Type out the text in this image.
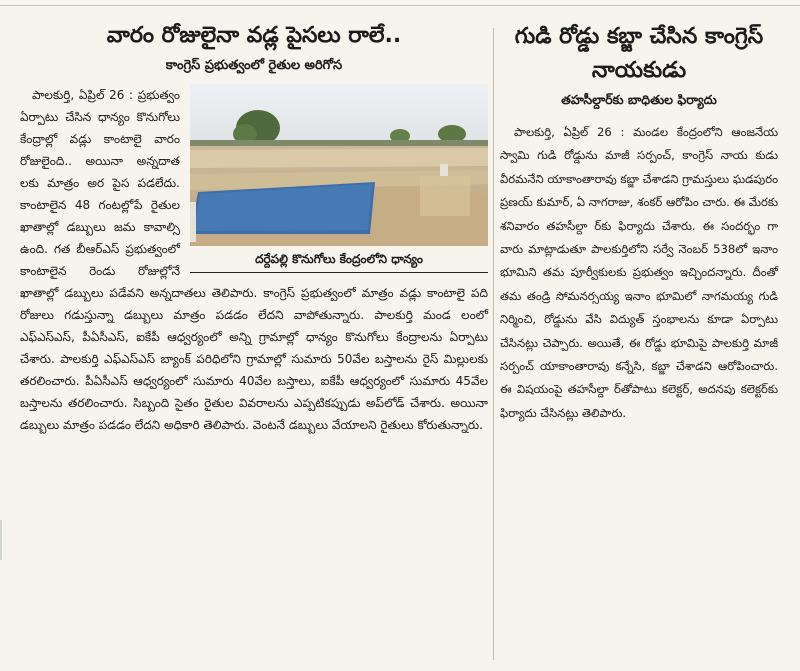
వారం రోజులైనా వడ్ల పైసలు రాలే..
కాంగ్రెస్ ప్రభుత్వంలో రైతుల అరిగోస
దర్దేపల్లి కొనుగోలు కేంద్రంలోని ధాన్యం

పాలకుర్తి, ఏప్రిల్ 26 : ప్రభుత్వం ఏర్పాటు చేసిన ధాన్యం కొనుగోలు కేంద్రాల్లో వడ్లు కాంటాలై వారం రోజులైంది.. అయినా అన్నదాత లకు మాత్రం అర పైస పడలేదు. కాంటాలైన 48 గంటల్లోపే రైతుల ఖాతాల్లో డబ్బులు జమ కావాల్సి ఉంది. గత బీఆర్ఎస్ ప్రభుత్వంలో కాంటాలైన రెండు రోజుల్లోనే ఖాతాల్లో డబ్బులు పడేవని అన్నదాతలు తెలిపారు. కాంగ్రెస్ ప్రభుత్వంలో మాత్రం వడ్లు కాంటాలై పది రోజులు గడుస్తున్నా డబ్బులు మాత్రం పడడం లేదని వాపోతున్నారు. పాలకుర్తి మండ లంలో ఎఫ్ఎస్ఎస్, పీఏసీఎస్, ఐకేపీ ఆధ్వర్యంలో అన్ని గ్రామాల్లో ధాన్యం కొనుగోలు కేంద్రాలను ఏర్పాటు చేశారు. పాలకుర్తి ఎఫ్ఎస్ఎస్ బ్యాంక్ పరిధిలోని గ్రామాల్లో సుమారు 50వేల బస్తాలను రైస్ మిల్లులకు తరలించారు. పీఏసీఎస్ ఆధ్వర్యంలో సుమారు 40వేల బస్తాలు, ఐకేపీ ఆధ్వర్యంలో సుమారు 45వేల బస్తాలను తరలించారు. సిబ్బంది సైతం రైతుల వివరాలను ఎప్పటికప్పుడు అప్‌లోడ్ చేశారు. అయినా డబ్బులు మాత్రం పడడం లేదని అధికారి తెలిపారు. వెంటనే డబ్బులు వేయాలని రైతులు కోరుతున్నారు.

గుడి రోడ్డు కబ్జా చేసిన కాంగ్రెస్ నాయకుడు
తహసీల్దార్‌కు బాధితుల ఫిర్యాదు

పాలకుర్తి, ఏప్రిల్ 26 : మండల కేంద్రంలోని ఆంజనేయ స్వామి గుడి రోడ్డును మాజీ సర్పంచ్, కాంగ్రెస్ నాయ కుడు వీరమనేని యాకాంతారావు కబ్జా చేశాడని గ్రామస్తులు ఘడపురం ప్రణయ్ కుమార్, ఏ నాగరాజు, శంకర్ ఆరోపిం చారు. ఈ మేరకు శనివారం తహసీల్దా ర్‌కు ఫిర్యాదు చేశారు. ఈ సందర్భం గా వారు మాట్లాడుతూ పాలకుర్తిలోని సర్వే నెంబర్ 538లో ఇనాం భూమిని తమ పూర్వీకులకు ప్రభుత్వం ఇచ్చిందన్నారు. దీంతో తమ తండ్రి సోమనర్సయ్య ఇనాం భూమిలో నాగమయ్య గుడి నిర్మించి, రోడ్డును వేసి విద్యుత్ స్తంభాలను కూడా ఏర్పాటు చేసినట్లు చెప్పారు. అయితే, ఈ రోడ్డు భూమిపై పాలకుర్తి మాజీ సర్పంచ్ యాకాంతారావు కన్నేసి, కబ్జా చేశాడని ఆరోపించారు. ఈ విషయంపై తహసీల్దా ర్‌తోపాటు కలెక్టర్, అదనపు కలెక్టర్‌కు ఫిర్యాదు చేసినట్లు తెలిపారు.
